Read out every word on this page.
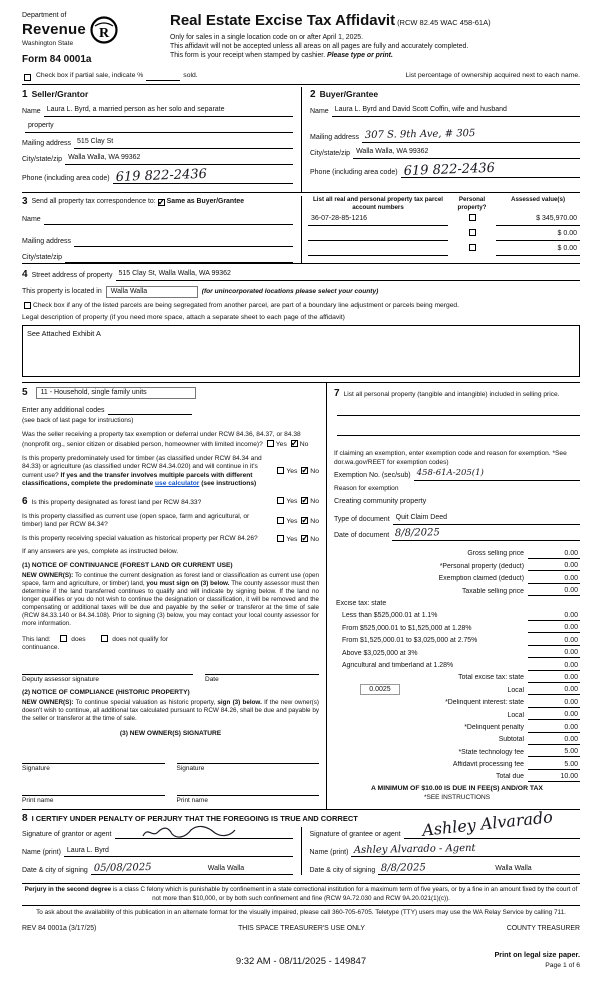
Department of
Revenue
Washington State
R
Form 84 0001a
Real Estate Excise Tax Affidavit (RCW 82.45 WAC 458-61A)
Only for sales in a single location code on or after April 1, 2025.
This affidavit will not be accepted unless all areas on all pages are fully and accurately completed.
This form is your receipt when stamped by cashier. Please type or print.
Check box if partial sale, indicate %	sold.	List percentage of ownership acquired next to each name.
1 Seller/Grantor
Name Laura L. Byrd, a married person as her solo and separate
property
Mailing address 515 Clay St
City/state/zip Walla Walla, WA 99362
Phone (including area code) 619 822-2436
2 Buyer/Grantee
Name Laura L. Byrd and David Scott Coffin, wife and husband
Mailing address 307 S. 9th Ave, # 305
City/state/zip Walla Walla, WA 99362
Phone (including area code) 619 822-2436
3 Send all property tax correspondence to: ✓ Same as Buyer/Grantee
Name
Mailing address
City/state/zip
List all real and personal property tax parcel account numbers
Personal property?
Assessed value(s)
36-07-28-85-1216	$ 345,970.00
$ 0.00
$ 0.00
4 Street address of property 515 Clay St, Walla Walla, WA 99362
This property is located in	Walla Walla	(for unincorporated locations please select your county)
Check box if any of the listed parcels are being segregated from another parcel, are part of a boundary line adjustment or parcels being merged.
Legal description of property (if you need more space, attach a separate sheet to each page of the affidavit)
See Attached Exhibit A
5	11 - Household, single family units
Enter any additional codes
(see back of last page for instructions)
Was the seller receiving a property tax exemption or deferral under RCW 84.36, 84.37, or 84.38 (nonprofit org., senior citizen or disabled person, homeowner with limited income)? Yes ✓ No
Is this property predominately used for timber (as classified under RCW 84.34 and 84.33) or agriculture (as classified under RCW 84.34.020) and will continue in it's current use? If yes and the transfer involves multiple parcels with different classifications, complete the predominate use calculator (see instructions)
Yes ✓ No
6 Is this property designated as forest land per RCW 84.33?	Yes ✓ No
Is this property classified as current use (open space, farm and agricultural, or timber) land per RCW 84.34?
Yes ✓ No
Is this property receiving special valuation as historical property per RCW 84.26?	Yes ✓ No
If any answers are yes, complete as instructed below.
(1) NOTICE OF CONTINUANCE (FOREST LAND OR CURRENT USE)
NEW OWNER(S): To continue the current designation as forest land or classification as current use (open space, farm and agriculture, or timber) land, you must sign on (3) below. The county assessor must then determine if the land transferred continues to qualify and will indicate by signing below. If the land no longer qualifies or you do not wish to continue the designation or classification, it will be removed and the compensating or additional taxes will be due and payable by the seller or transferor at the time of sale (RCW 84.33.140 or 84.34.108). Prior to signing (3) below, you may contact your local county assessor for more information.
This land:	does	does not qualify for
continuance.
Deputy assessor signature	Date
(2) NOTICE OF COMPLIANCE (HISTORIC PROPERTY)
NEW OWNER(S): To continue special valuation as historic property, sign (3) below. If the new owner(s) doesn't wish to continue, all additional tax calculated pursuant to RCW 84.26, shall be due and payable by the seller or transferor at the time of sale.
(3) NEW OWNER(S) SIGNATURE
Signature	Signature
Print name	Print name
7 List all personal property (tangible and intangible) included in selling price.
If claiming an exemption, enter exemption code and reason for exemption. *See dor.wa.gov/REET for exemption codes)
Exemption No. (sec/sub) 458-61A-205(1)
Reason for exemption
Creating community property
Type of document Quit Claim Deed
Date of document 8/8/2025
Gross selling price	0.00
*Personal property (deduct)	0.00
Exemption claimed (deduct)	0.00
Taxable selling price	0.00
Excise tax: state
Less than $525,000.01 at 1.1%	0.00
From $525,000.01 to $1,525,000 at 1.28%	0.00
From $1,525,000.01 to $3,025,000 at 2.75%	0.00
Above $3,025,000 at 3%	0.00
Agricultural and timberland at 1.28%	0.00
Total excise tax: state	0.00
0.0025	Local	0.00
*Delinquent interest: state	0.00
Local	0.00
*Delinquent penalty	0.00
Subtotal	0.00
*State technology fee	5.00
Affidavit processing fee	5.00
Total due	10.00
A MINIMUM OF $10.00 IS DUE IN FEE(S) AND/OR TAX
*SEE INSTRUCTIONS
8 I CERTIFY UNDER PENALTY OF PERJURY THAT THE FOREGOING IS TRUE AND CORRECT
Signature of grantor or agent
Name (print) Laura L. Byrd
Date & city of signing 05/08/2025	Walla Walla
Signature of grantee or agent Ashley Alvarado
Name (print) Ashley Alvarado - Agent
Date & city of signing 8/8/2025	Walla Walla
Perjury in the second degree is a class C felony which is punishable by confinement in a state correctional institution for a maximum term of five years, or by a fine in an amount fixed by the court of not more than $10,000, or by both such confinement and fine (RCW 9A.72.030 and RCW 9A.20.021(1)(c)).
To ask about the availability of this publication in an alternate format for the visually impaired, please call 360-705-6705. Teletype (TTY) users may use the WA Relay Service by calling 711.
REV 84 0001a (3/17/25)	THIS SPACE TREASURER'S USE ONLY	COUNTY TREASURER
9:32 AM - 08/11/2025 - 149847
Print on legal size paper.
Page 1 of 6
